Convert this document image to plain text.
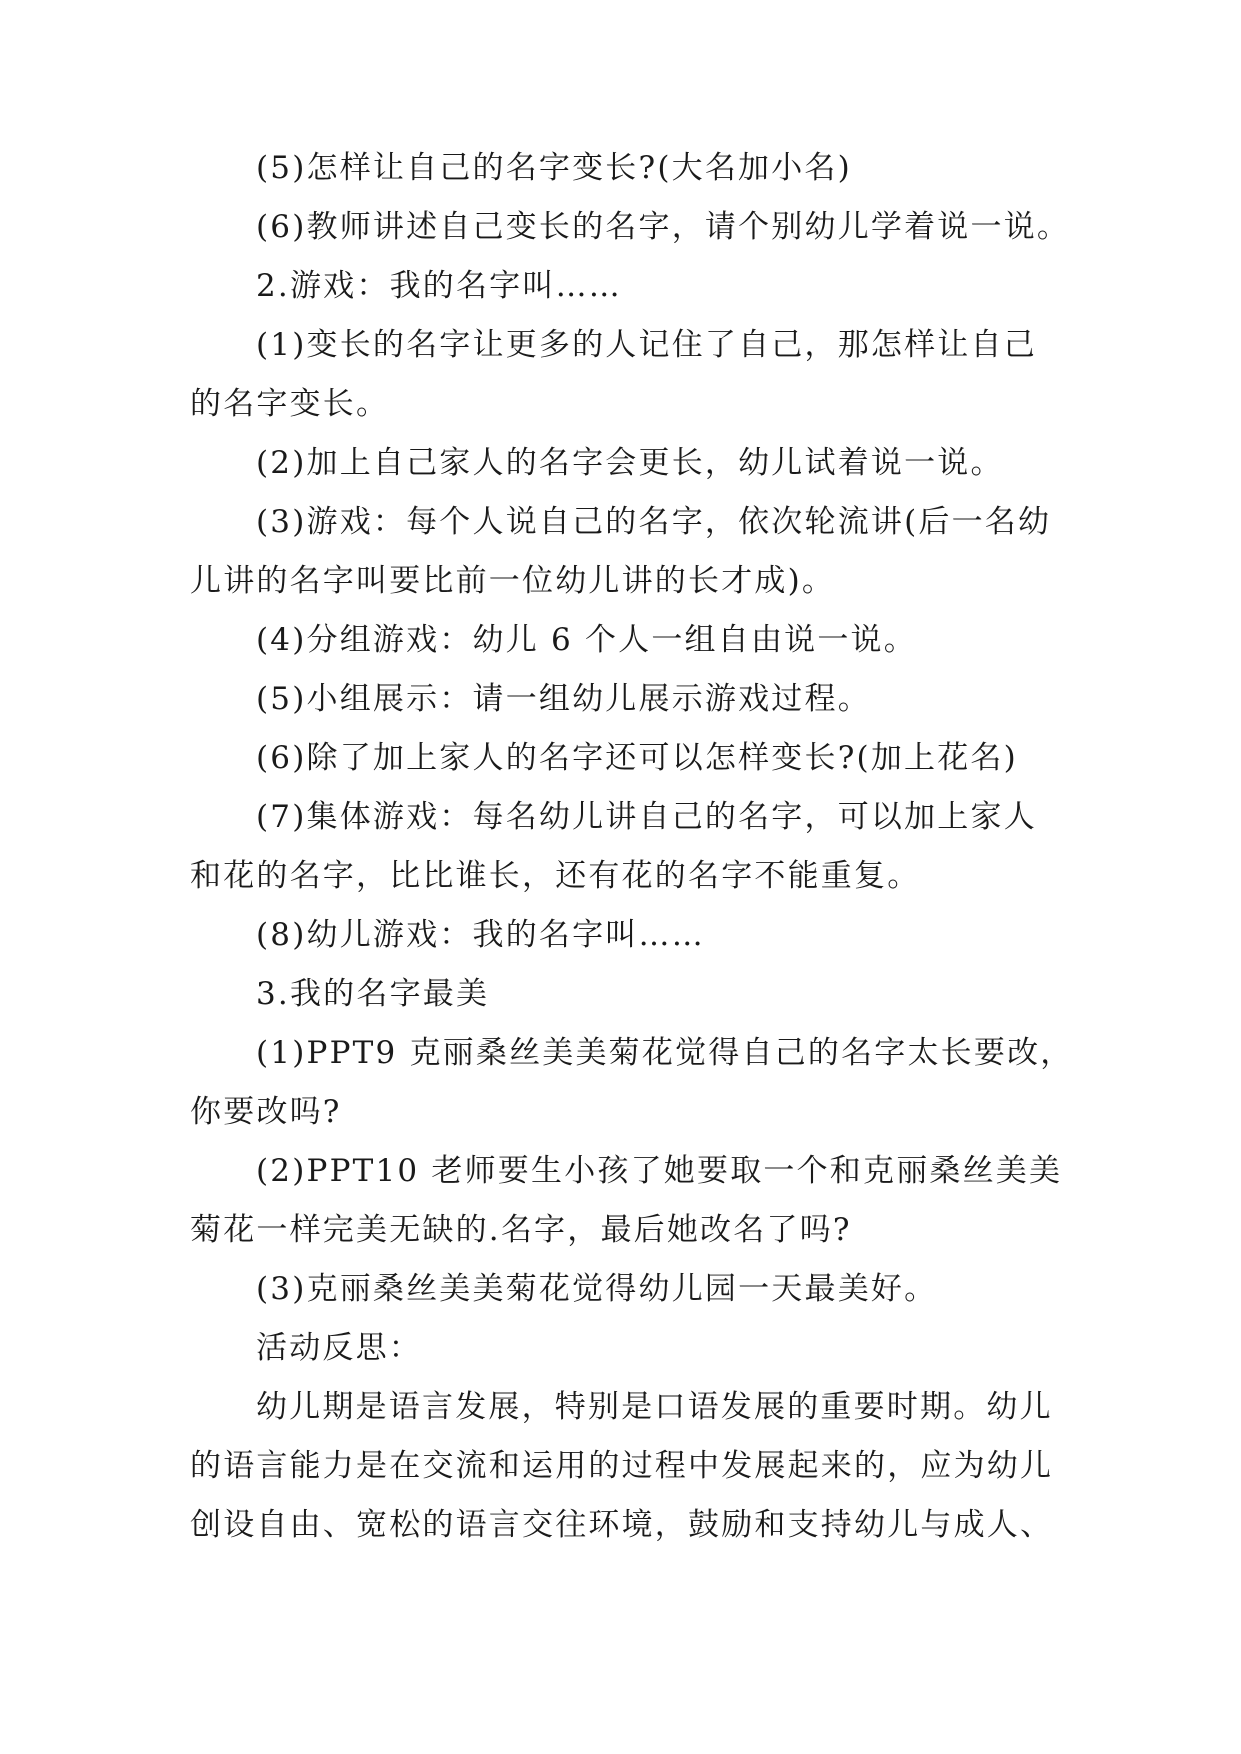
(5)怎样让自己的名字变长?(大名加小名)
(6)教师讲述自己变长的名字，请个别幼儿学着说一说。
2.游戏：我的名字叫……
(1)变长的名字让更多的人记住了自己，那怎样让自己
的名字变长。
(2)加上自己家人的名字会更长，幼儿试着说一说。
(3)游戏：每个人说自己的名字，依次轮流讲(后一名幼
儿讲的名字叫要比前一位幼儿讲的长才成)。
(4)分组游戏：幼儿 6 个人一组自由说一说。
(5)小组展示：请一组幼儿展示游戏过程。
(6)除了加上家人的名字还可以怎样变长?(加上花名)
(7)集体游戏：每名幼儿讲自己的名字，可以加上家人
和花的名字，比比谁长，还有花的名字不能重复。
(8)幼儿游戏：我的名字叫……
3.我的名字最美
(1)PPT9 克丽桑丝美美菊花觉得自己的名字太长要改，
你要改吗?
(2)PPT10 老师要生小孩了她要取一个和克丽桑丝美美
菊花一样完美无缺的.名字，最后她改名了吗?
(3)克丽桑丝美美菊花觉得幼儿园一天最美好。
活动反思：
幼儿期是语言发展，特别是口语发展的重要时期。幼儿
的语言能力是在交流和运用的过程中发展起来的，应为幼儿
创设自由、宽松的语言交往环境，鼓励和支持幼儿与成人、
